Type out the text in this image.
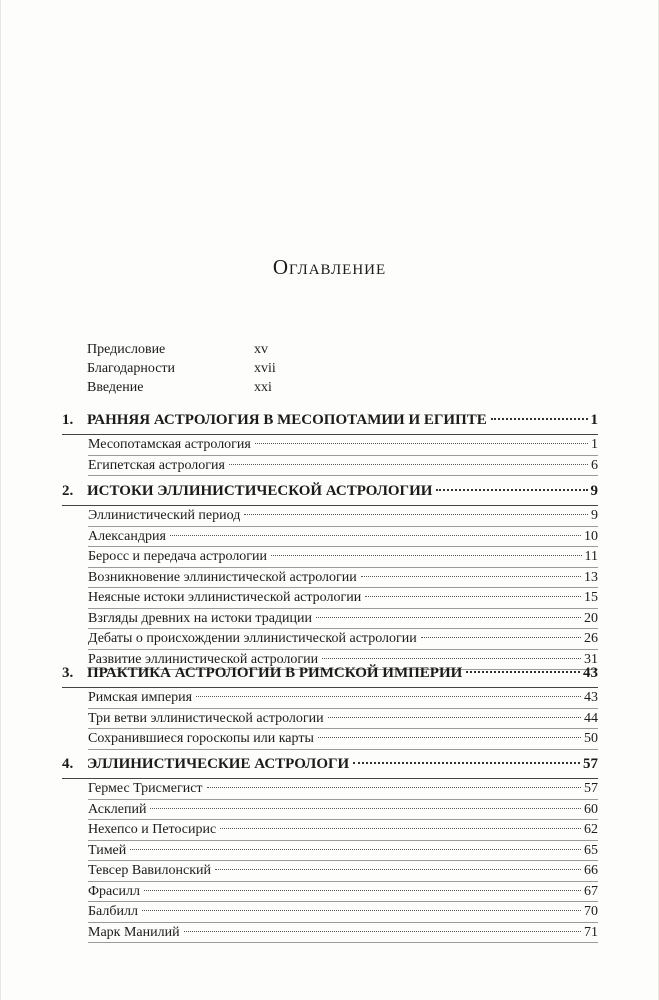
Оглавление
Предисловие	xv
Благодарности	xvii
Введение	xxi
1. РАННЯЯ АСТРОЛОГИЯ В МЕСОПОТАМИИ И ЕГИПТЕ	1
Месопотамская астрология	1
Египетская астрология	6
2. ИСТОКИ ЭЛЛИНИСТИЧЕСКОЙ АСТРОЛОГИИ	9
Эллинистический период	9
Александрия	10
Беросс и передача астрологии	11
Возникновение эллинистической астрологии	13
Неясные истоки эллинистической астрологии	15
Взгляды древних на истоки традиции	20
Дебаты о происхождении эллинистической астрологии	26
Развитие эллинистической астрологии	31
3. ПРАКТИКА АСТРОЛОГИИ В РИМСКОЙ ИМПЕРИИ	43
Римская империя	43
Три ветви эллинистической астрологии	44
Сохранившиеся гороскопы или карты	50
4. ЭЛЛИНИСТИЧЕСКИЕ АСТРОЛОГИ	57
Гермес Трисмегист	57
Асклепий	60
Нехепсо и Петосирис	62
Тимей	65
Тевсер Вавилонский	66
Фрасилл	67
Балбилл	70
Марк Манилий	71
